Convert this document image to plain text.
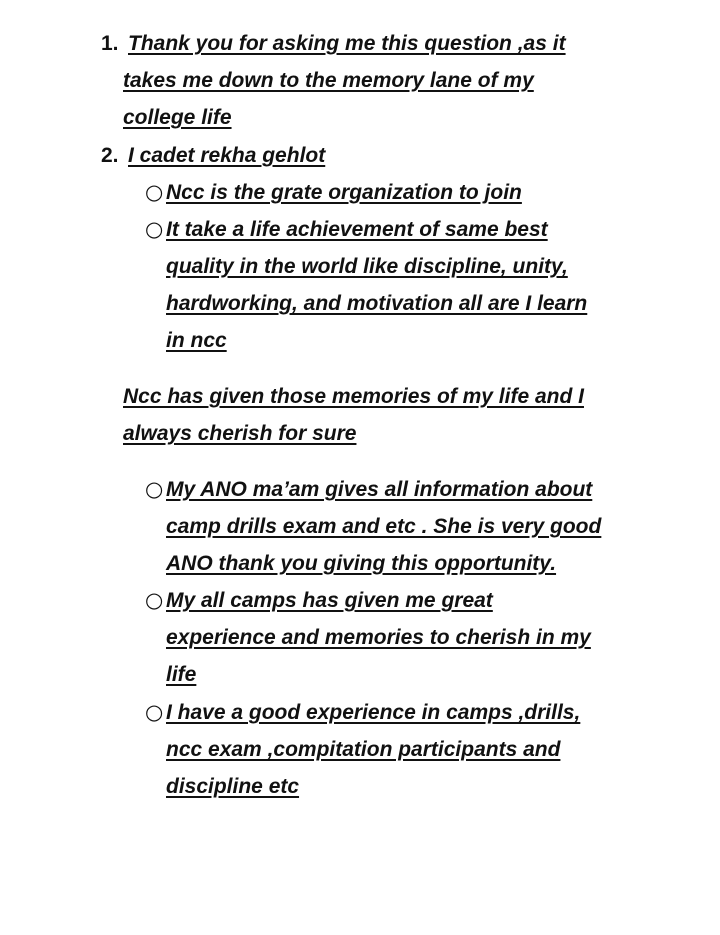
1. Thank you for asking me this question ,as it

takes me down to the memory lane of my

college life

2. I cadet rekha gehlot

○

Ncc is the grate organization to join

○

It take a life achievement of same best

quality in the world like discipline, unity,

hardworking, and motivation all are I learn

in ncc

Ncc has given those memories of my life and I

always cherish for sure

○

My ANO ma’am gives all information about

camp drills exam and etc . She is very good

ANO thank you giving this opportunity.

○

My all camps has given me great

experience and memories to cherish in my

life

○

I have a good experience in camps ,drills,

ncc exam ,compitation participants and

discipline etc
